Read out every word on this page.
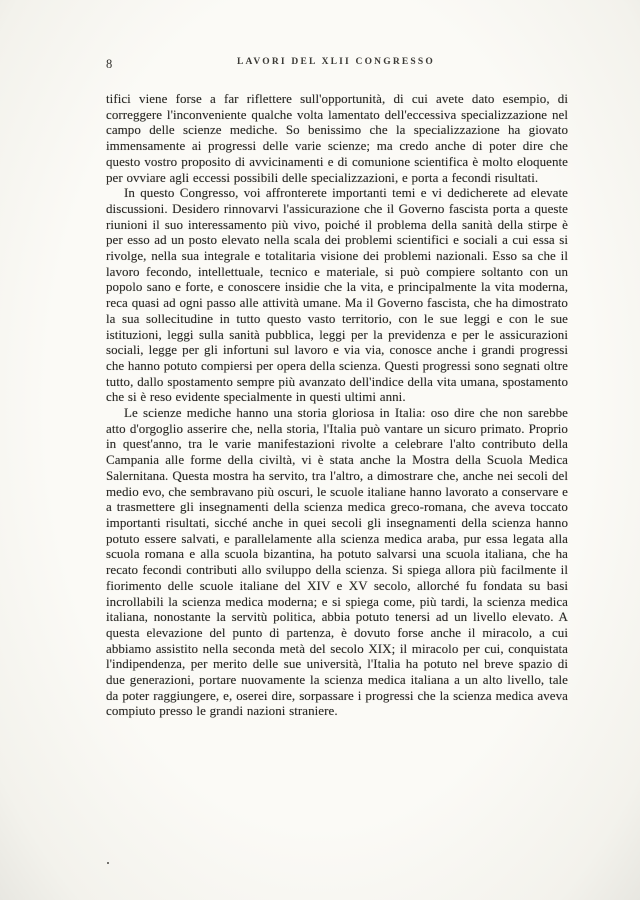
8	LAVORI DEL XLII CONGRESSO

tifici viene forse a far riflettere sull'opportunità, di cui avete dato esempio, di correggere l'inconveniente qualche volta lamentato dell'eccessiva specializzazione nel campo delle scienze mediche. So benissimo che la specializzazione ha giovato immensamente ai progressi delle varie scienze; ma credo anche di poter dire che questo vostro proposito di avvicinamenti e di comunione scientifica è molto eloquente per ovviare agli eccessi possibili delle specializzazioni, e porta a fecondi risultati.

In questo Congresso, voi affronterete importanti temi e vi dedicherete ad elevate discussioni. Desidero rinnovarvi l'assicurazione che il Governo fascista porta a queste riunioni il suo interessamento più vivo, poiché il problema della sanità della stirpe è per esso ad un posto elevato nella scala dei problemi scientifici e sociali a cui essa si rivolge, nella sua integrale e totalitaria visione dei problemi nazionali. Esso sa che il lavoro fecondo, intellettuale, tecnico e materiale, si può compiere soltanto con un popolo sano e forte, e conoscere insidie che la vita, e principalmente la vita moderna, reca quasi ad ogni passo alle attività umane. Ma il Governo fascista, che ha dimostrato la sua sollecitudine in tutto questo vasto territorio, con le sue leggi e con le sue istituzioni, leggi sulla sanità pubblica, leggi per la previdenza e per le assicurazioni sociali, legge per gli infortuni sul lavoro e via via, conosce anche i grandi progressi che hanno potuto compiersi per opera della scienza. Questi progressi sono segnati oltre tutto, dallo spostamento sempre più avanzato dell'indice della vita umana, spostamento che si è reso evidente specialmente in questi ultimi anni.

Le scienze mediche hanno una storia gloriosa in Italia: oso dire che non sarebbe atto d'orgoglio asserire che, nella storia, l'Italia può vantare un sicuro primato. Proprio in quest'anno, tra le varie manifestazioni rivolte a celebrare l'alto contributo della Campania alle forme della civiltà, vi è stata anche la Mostra della Scuola Medica Salernitana. Questa mostra ha servito, tra l'altro, a dimostrare che, anche nei secoli del medio evo, che sembravano più oscuri, le scuole italiane hanno lavorato a conservare e a trasmettere gli insegnamenti della scienza medica greco-romana, che aveva toccato importanti risultati, sicché anche in quei secoli gli insegnamenti della scienza hanno potuto essere salvati, e parallelamente alla scienza medica araba, pur essa legata alla scuola romana e alla scuola bizantina, ha potuto salvarsi una scuola italiana, che ha recato fecondi contributi allo sviluppo della scienza. Si spiega allora più facilmente il fiorimento delle scuole italiane del XIV e XV secolo, allorché fu fondata su basi incrollabili la scienza medica moderna; e si spiega come, più tardi, la scienza medica italiana, nonostante la servitù politica, abbia potuto tenersi ad un livello elevato. A questa elevazione del punto di partenza, è dovuto forse anche il miracolo, a cui abbiamo assistito nella seconda metà del secolo XIX; il miracolo per cui, conquistata l'indipendenza, per merito delle sue università, l'Italia ha potuto nel breve spazio di due generazioni, portare nuovamente la scienza medica italiana a un alto livello, tale da poter raggiungere, e, oserei dire, sorpassare i progressi che la scienza medica aveva compiuto presso le grandi nazioni straniere.
